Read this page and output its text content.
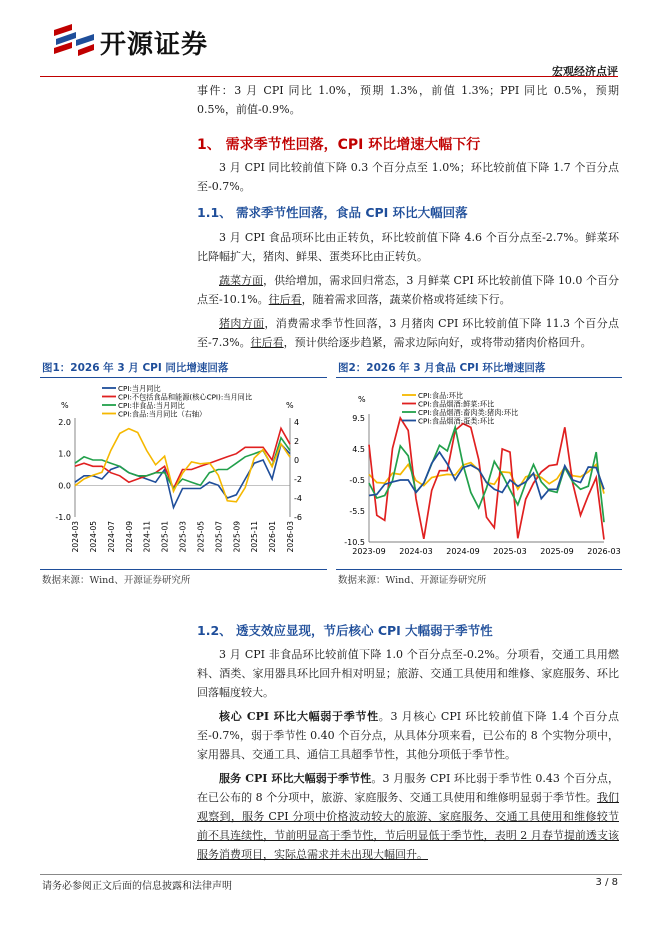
开源证券
宏观经济点评
事件：3 月 CPI 同比 1.0%，预期 1.3%，前值 1.3%；PPI 同比 0.5%，预期 0.5%，前值-0.9%。
1、 需求季节性回落，CPI 环比增速大幅下行
3 月 CPI 同比较前值下降 0.3 个百分点至 1.0%；环比较前值下降 1.7 个百分点至-0.7%。
1.1、 需求季节性回落，食品 CPI 环比大幅回落
3 月 CPI 食品项环比由正转负，环比较前值下降 4.6 个百分点至-2.7%。鲜菜环比降幅扩大，猪肉、鲜果、蛋类环比由正转负。
蔬菜方面，供给增加，需求回归常态，3 月鲜菜 CPI 环比较前值下降 10.0 个百分点至-10.1%。往后看，随着需求回落，蔬菜价格或将延续下行。
猪肉方面，消费需求季节性回落，3 月猪肉 CPI 环比较前值下降 11.3 个百分点至-7.3%。往后看，预计供给逐步趋紧，需求边际向好，或将带动猪肉价格回升。
图1：2026 年 3 月 CPI 同比增速回落
%	%
2.0
1.0
0.0
-1.0
4
2
0
-2
-4
-6
2024-03 2024-05 2024-07 2024-09 2024-11 2025-01 2025-03 2025-05 2025-07 2025-09 2025-11 2026-01 2026-03
CPI:当月同比
CPI:不包括食品和能源(核心CPI):当月同比
CPI:非食品:当月同比
CPI:食品:当月同比（右轴）
数据来源：Wind、开源证券研究所
图2：2026 年 3 月食品 CPI 环比增速回落
%
9.5
4.5
-0.5
-5.5
-10.5
2023-09 2024-03 2024-09 2025-03 2025-09 2026-03
CPI:食品:环比
CPI:食品烟酒:鲜菜:环比
CPI:食品烟酒:畜肉类:猪肉:环比
CPI:食品烟酒:蛋类:环比
数据来源：Wind、开源证券研究所
1.2、 透支效应显现，节后核心 CPI 大幅弱于季节性
3 月 CPI 非食品环比较前值下降 1.0 个百分点至-0.2%。分项看，交通工具用燃料、酒类、家用器具环比回升相对明显；旅游、交通工具使用和维修、家庭服务、环比回落幅度较大。
核心 CPI 环比大幅弱于季节性。3 月核心 CPI 环比较前值下降 1.4 个百分点至-0.7%，弱于季节性 0.40 个百分点，从具体分项来看，已公布的 8 个实物分项中，家用器具、交通工具、通信工具超季节性，其他分项低于季节性。
服务 CPI 环比大幅弱于季节性。3 月服务 CPI 环比弱于季节性 0.43 个百分点，在已公布的 8 个分项中，旅游、家庭服务、交通工具使用和维修明显弱于季节性。我们观察到，服务 CPI 分项中价格波动较大的旅游、家庭服务、交通工具使用和维修较节前不具连续性，节前明显高于季节性，节后明显低于季节性，表明 2 月春节提前透支该服务消费项目，实际总需求并未出现大幅回升。
请务必参阅正文后面的信息披露和法律声明	3 / 8
